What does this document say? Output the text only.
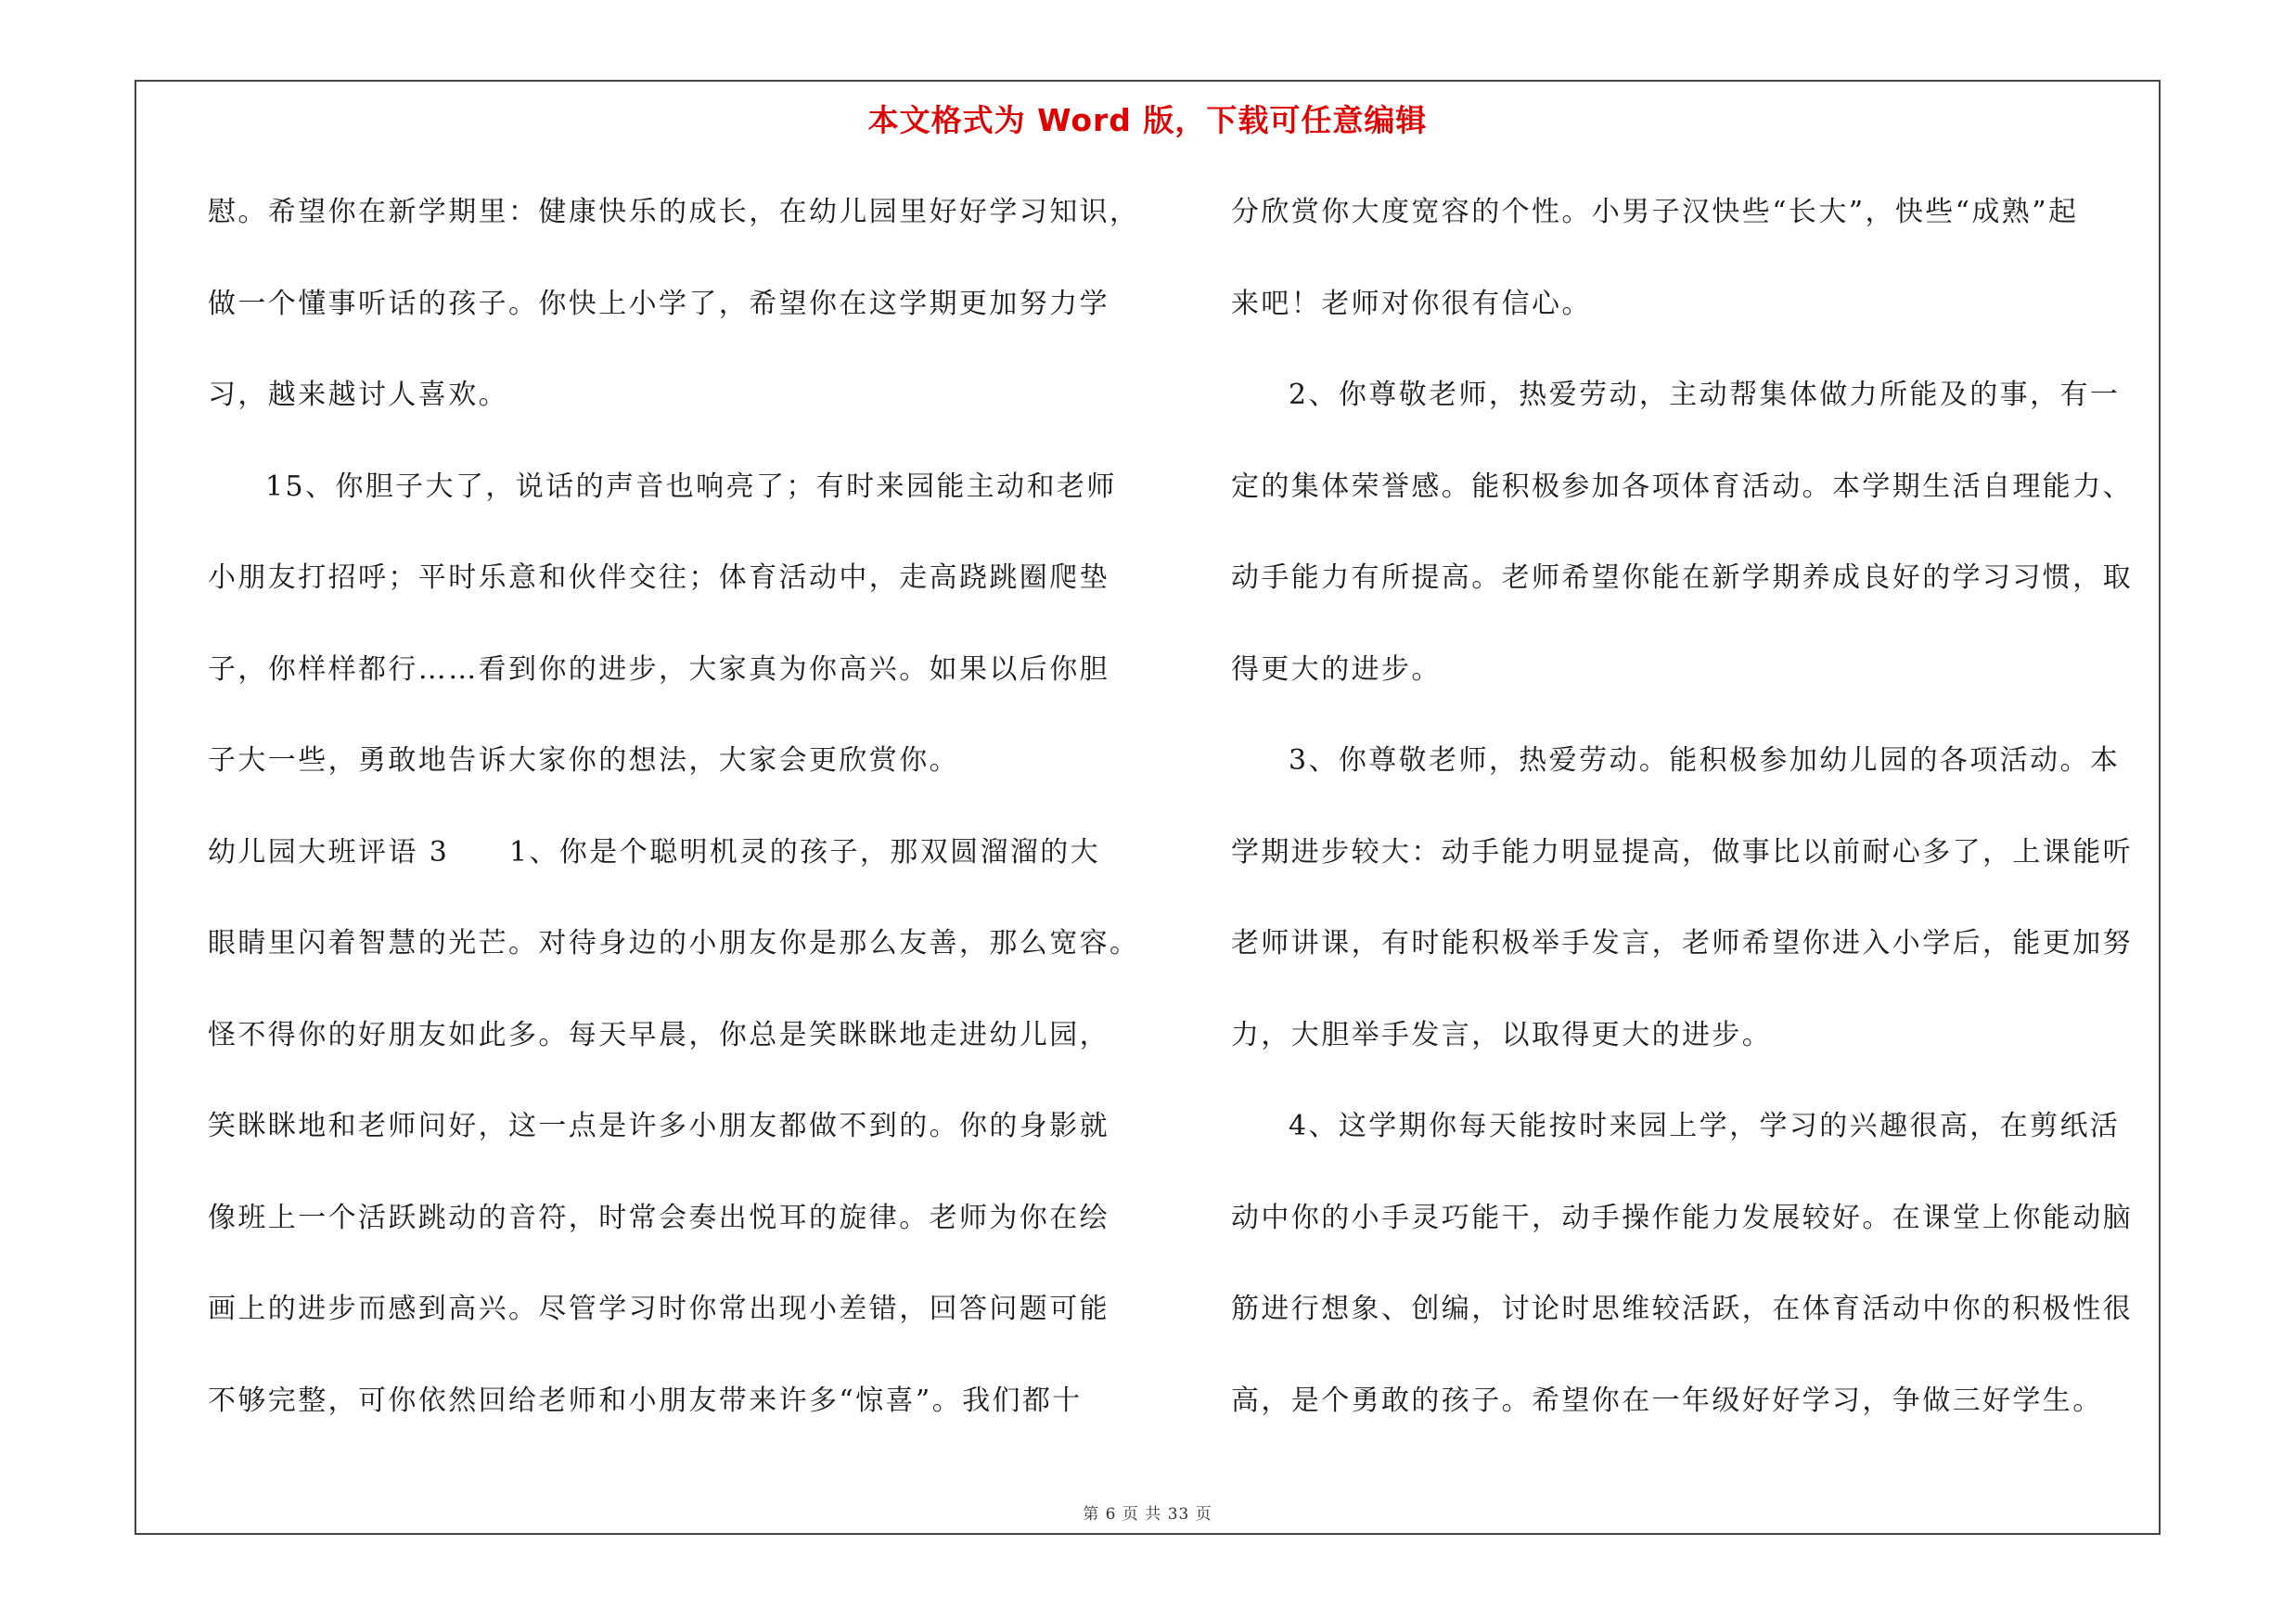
本文格式为 Word 版，下载可任意编辑
慰。希望你在新学期里：健康快乐的成长，在幼儿园里好好学习知识，
做一个懂事听话的孩子。你快上小学了，希望你在这学期更加努力学
习，越来越讨人喜欢。
15、你胆子大了，说话的声音也响亮了；有时来园能主动和老师
小朋友打招呼；平时乐意和伙伴交往；体育活动中，走高跷跳圈爬垫
子，你样样都行……看到你的进步，大家真为你高兴。如果以后你胆
子大一些，勇敢地告诉大家你的想法，大家会更欣赏你。
幼儿园大班评语 3　　1、你是个聪明机灵的孩子，那双圆溜溜的大
眼睛里闪着智慧的光芒。对待身边的小朋友你是那么友善，那么宽容。
怪不得你的好朋友如此多。每天早晨，你总是笑眯眯地走进幼儿园，
笑眯眯地和老师问好，这一点是许多小朋友都做不到的。你的身影就
像班上一个活跃跳动的音符，时常会奏出悦耳的旋律。老师为你在绘
画上的进步而感到高兴。尽管学习时你常出现小差错，回答问题可能
不够完整，可你依然回给老师和小朋友带来许多“惊喜”。我们都十
分欣赏你大度宽容的个性。小男子汉快些“长大”，快些“成熟”起
来吧！老师对你很有信心。
2、你尊敬老师，热爱劳动，主动帮集体做力所能及的事，有一
定的集体荣誉感。能积极参加各项体育活动。本学期生活自理能力、
动手能力有所提高。老师希望你能在新学期养成良好的学习习惯，取
得更大的进步。
3、你尊敬老师，热爱劳动。能积极参加幼儿园的各项活动。本
学期进步较大：动手能力明显提高，做事比以前耐心多了，上课能听
老师讲课，有时能积极举手发言，老师希望你进入小学后，能更加努
力，大胆举手发言，以取得更大的进步。
4、这学期你每天能按时来园上学，学习的兴趣很高，在剪纸活
动中你的小手灵巧能干，动手操作能力发展较好。在课堂上你能动脑
筋进行想象、创编，讨论时思维较活跃，在体育活动中你的积极性很
高，是个勇敢的孩子。希望你在一年级好好学习，争做三好学生。
第 6 页 共 33 页
